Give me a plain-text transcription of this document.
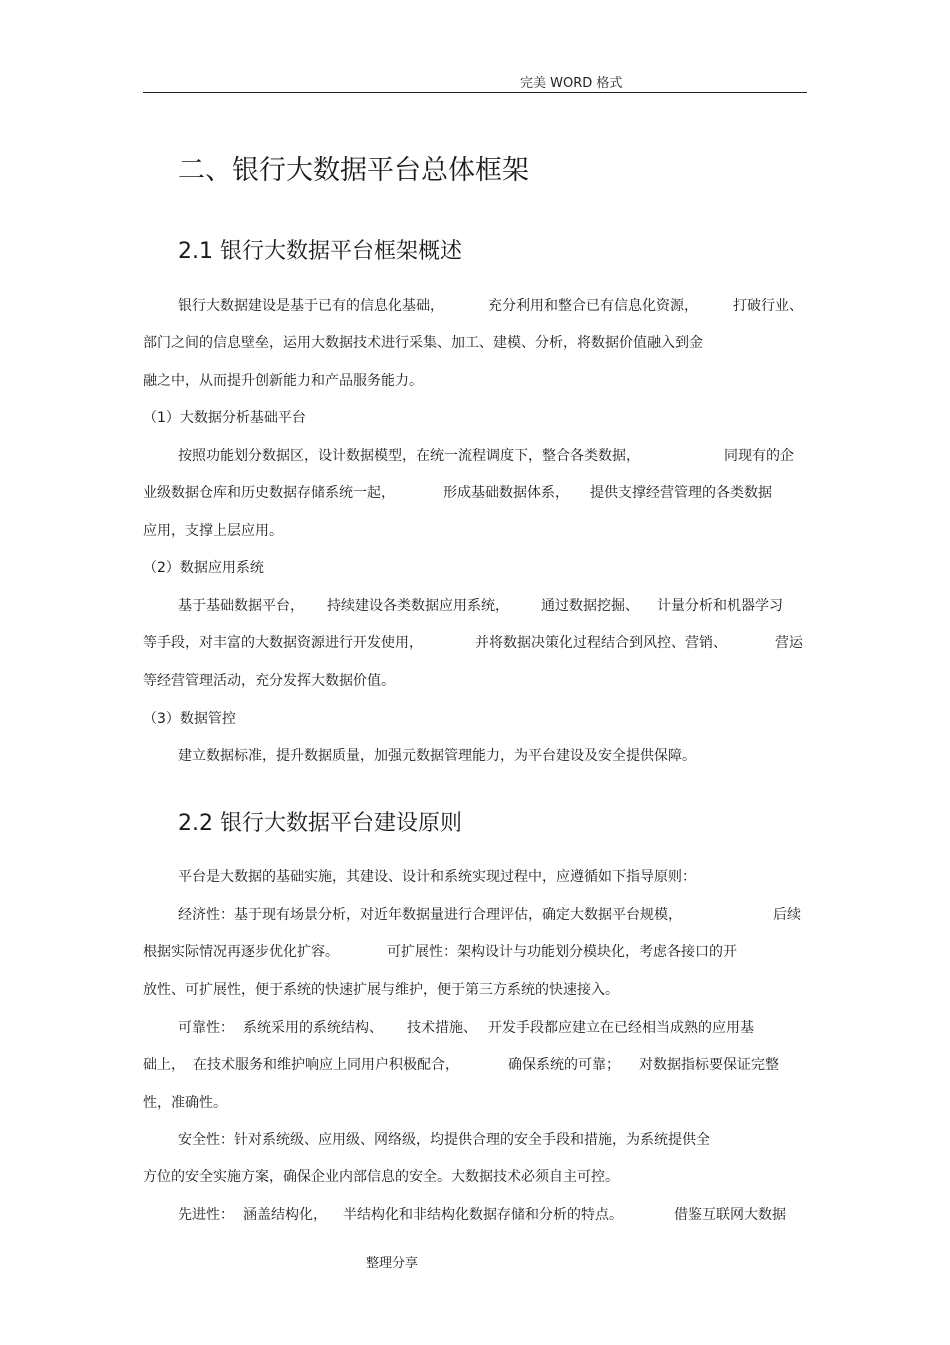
完美 WORD 格式
二、银行大数据平台总体框架
2.1 银行大数据平台框架概述
银行大数据建设是基于已有的信息化基础，	充分利用和整合已有信息化资源，	打破行业、
部门之间的信息壁垒，运用大数据技术进行采集、加工、建模、分析，将数据价值融入到金
融之中，从而提升创新能力和产品服务能力。
（1）大数据分析基础平台
按照功能划分数据区，设计数据模型，在统一流程调度下，整合各类数据，	同现有的企
业级数据仓库和历史数据存储系统一起，	形成基础数据体系， 提供支撑经营管理的各类数据
应用，支撑上层应用。
（2）数据应用系统
基于基础数据平台， 持续建设各类数据应用系统， 通过数据挖掘、 计量分析和机器学习
等手段，对丰富的大数据资源进行开发使用，	并将数据决策化过程结合到风控、营销、	营运
等经营管理活动，充分发挥大数据价值。
（3）数据管控
建立数据标准，提升数据质量，加强元数据管理能力，为平台建设及安全提供保障。
2.2 银行大数据平台建设原则
平台是大数据的基础实施，其建设、设计和系统实现过程中，应遵循如下指导原则：
经济性：基于现有场景分析，对近年数据量进行合理评估，确定大数据平台规模，	后续
根据实际情况再逐步优化扩容。	可扩展性：架构设计与功能划分模块化，考虑各接口的开
放性、可扩展性，便于系统的快速扩展与维护，便于第三方系统的快速接入。
可靠性： 系统采用的系统结构、 技术措施、 开发手段都应建立在已经相当成熟的应用基
础上， 在技术服务和维护响应上同用户积极配合，	确保系统的可靠； 对数据指标要保证完整
性，准确性。
安全性：针对系统级、应用级、网络级，均提供合理的安全手段和措施，为系统提供全
方位的安全实施方案，确保企业内部信息的安全。大数据技术必须自主可控。
先进性： 涵盖结构化， 半结构化和非结构化数据存储和分析的特点。	借鉴互联网大数据
整理分享
